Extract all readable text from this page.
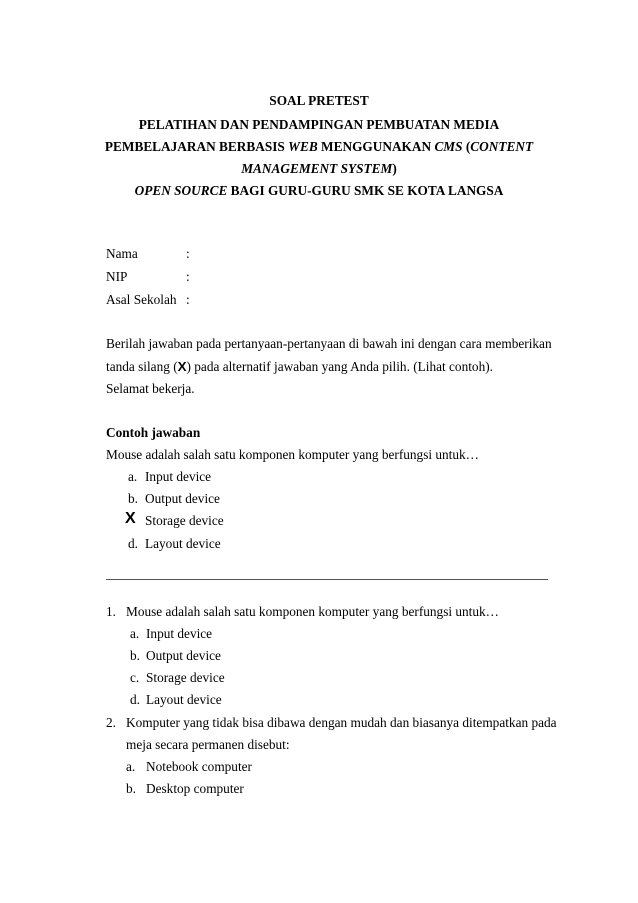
SOAL PRETEST
PELATIHAN DAN PENDAMPINGAN PEMBUATAN MEDIA
PEMBELAJARAN BERBASIS WEB MENGGUNAKAN CMS (CONTENT
MANAGEMENT SYSTEM)
OPEN SOURCE BAGI GURU-GURU SMK SE KOTA LANGSA
Nama	:
NIP	:
Asal Sekolah :
Berilah jawaban pada pertanyaan-pertanyaan di bawah ini dengan cara memberikan
tanda silang (X) pada alternatif jawaban yang Anda pilih. (Lihat contoh).
Selamat bekerja.
Contoh jawaban
Mouse adalah salah satu komponen komputer yang berfungsi untuk…
a. Input device
b. Output device
X Storage device
d. Layout device
1. Mouse adalah salah satu komponen komputer yang berfungsi untuk…
a. Input device
b. Output device
c. Storage device
d. Layout device
2. Komputer yang tidak bisa dibawa dengan mudah dan biasanya ditempatkan pada
meja secara permanen disebut:
a. Notebook computer
b. Desktop computer
